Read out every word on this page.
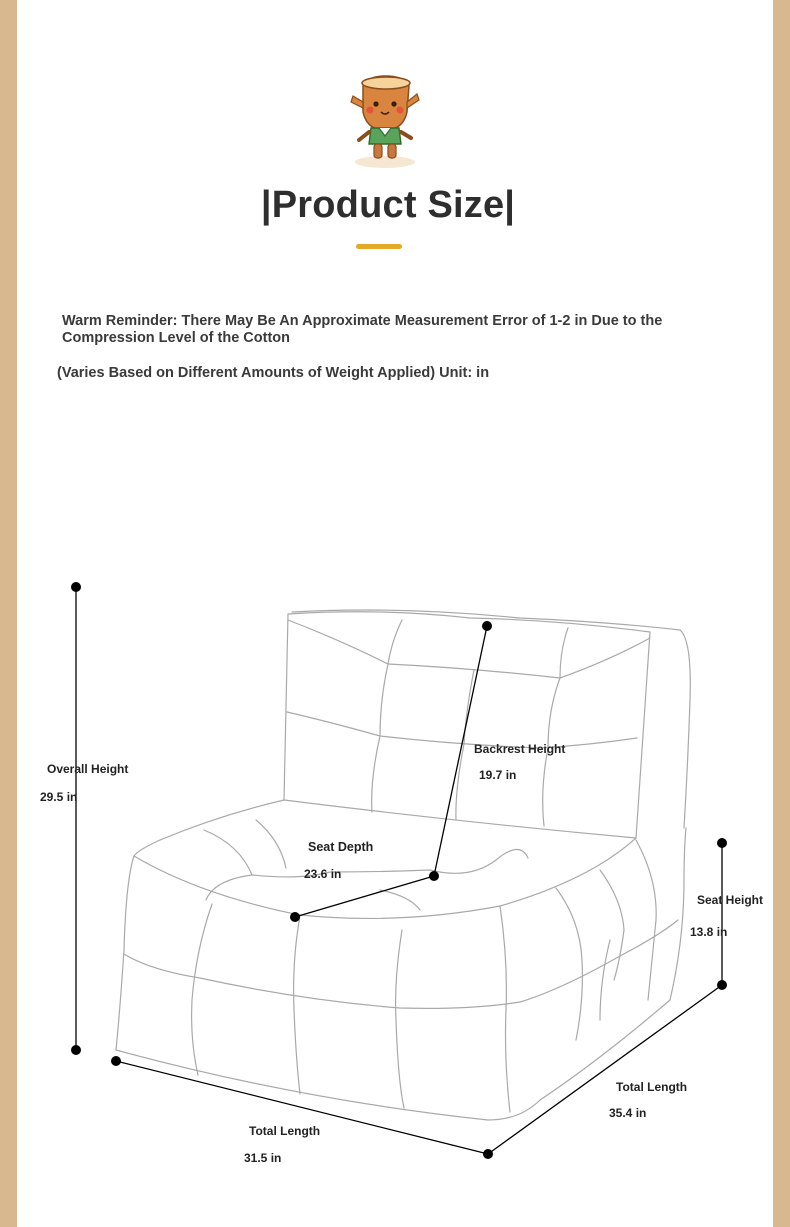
|Product Size|
Warm Reminder: There May Be An Approximate Measurement Error of 1-2 in Due to the Compression Level of the Cotton
(Varies Based on Different Amounts of Weight Applied) Unit: in
Overall Height
29.5 in
Backrest Height
19.7 in
Seat Depth
23.6 in
Seat Height
13.8 in
Total Length
31.5 in
Total Length
35.4 in
